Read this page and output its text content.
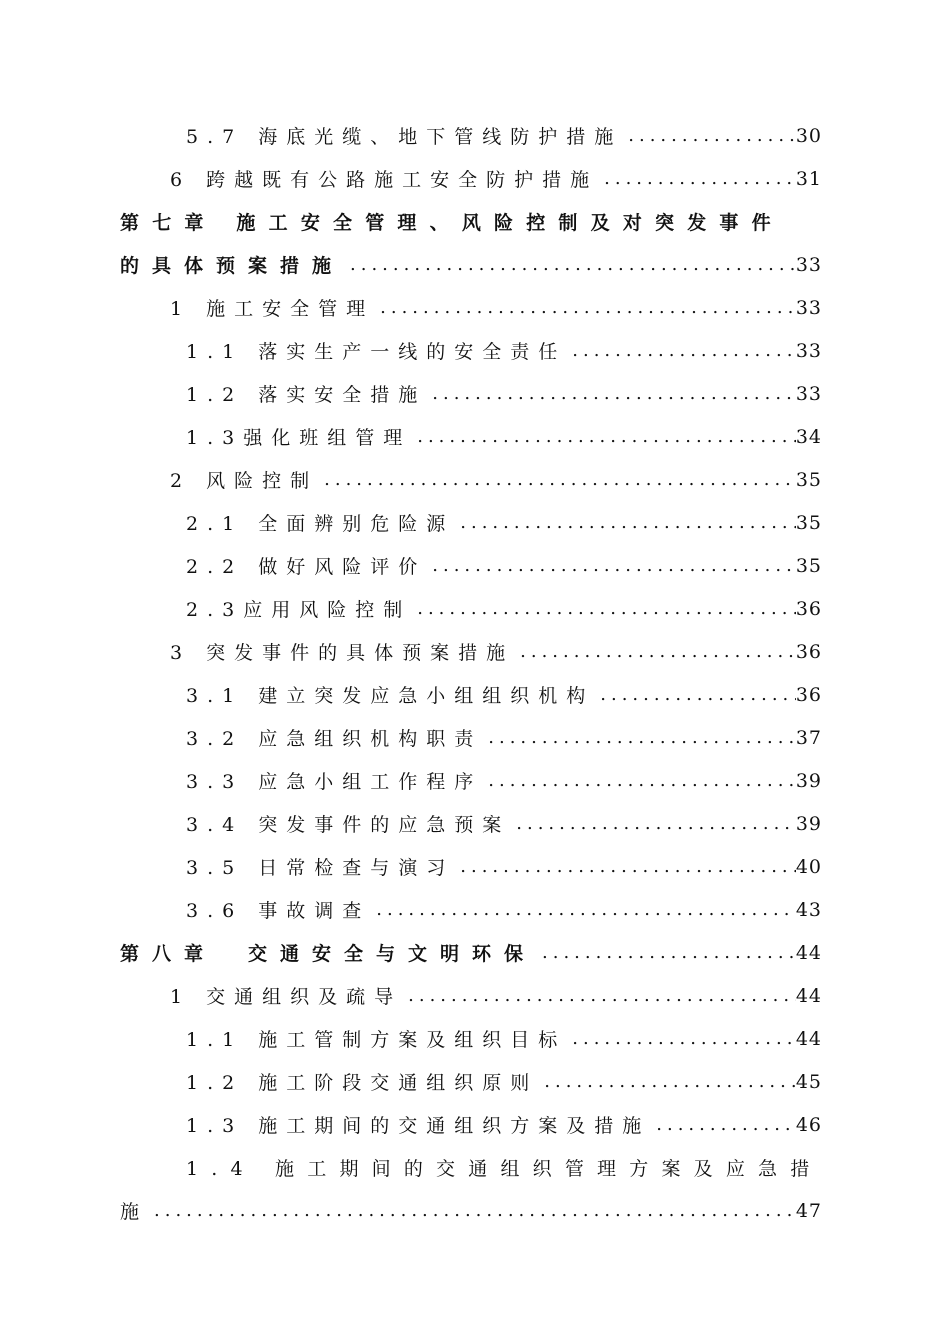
5.7 海底光缆、地下管线防护措施 .....	30
6 跨越既有公路施工安全防护措施 .....	31
第七章 施工安全管理、风险控制及对突发事件
的具体预案措施 .....	33
1 施工安全管理 .....	33
1.1 落实生产一线的安全责任 .....	33
1.2 落实安全措施 .....	33
1.3强化班组管理 .....	34
2 风险控制 .....	35
2.1 全面辨别危险源 .....	35
2.2 做好风险评价 .....	35
2.3应用风险控制 .....	36
3 突发事件的具体预案措施 .....	36
3.1 建立突发应急小组组织机构 .....	36
3.2 应急组织机构职责 .....	37
3.3 应急小组工作程序 .....	39
3.4 突发事件的应急预案 .....	39
3.5 日常检查与演习 .....	40
3.6 事故调查 .....	43
第八章　交通安全与文明环保 .....	44
1 交通组织及疏导 .....	44
1.1 施工管制方案及组织目标 .....	44
1.2 施工阶段交通组织原则 .....	45
1.3 施工期间的交通组织方案及措施 .....	46
1.4 施工期间的交通组织管理方案及应急措
施 .....	47
